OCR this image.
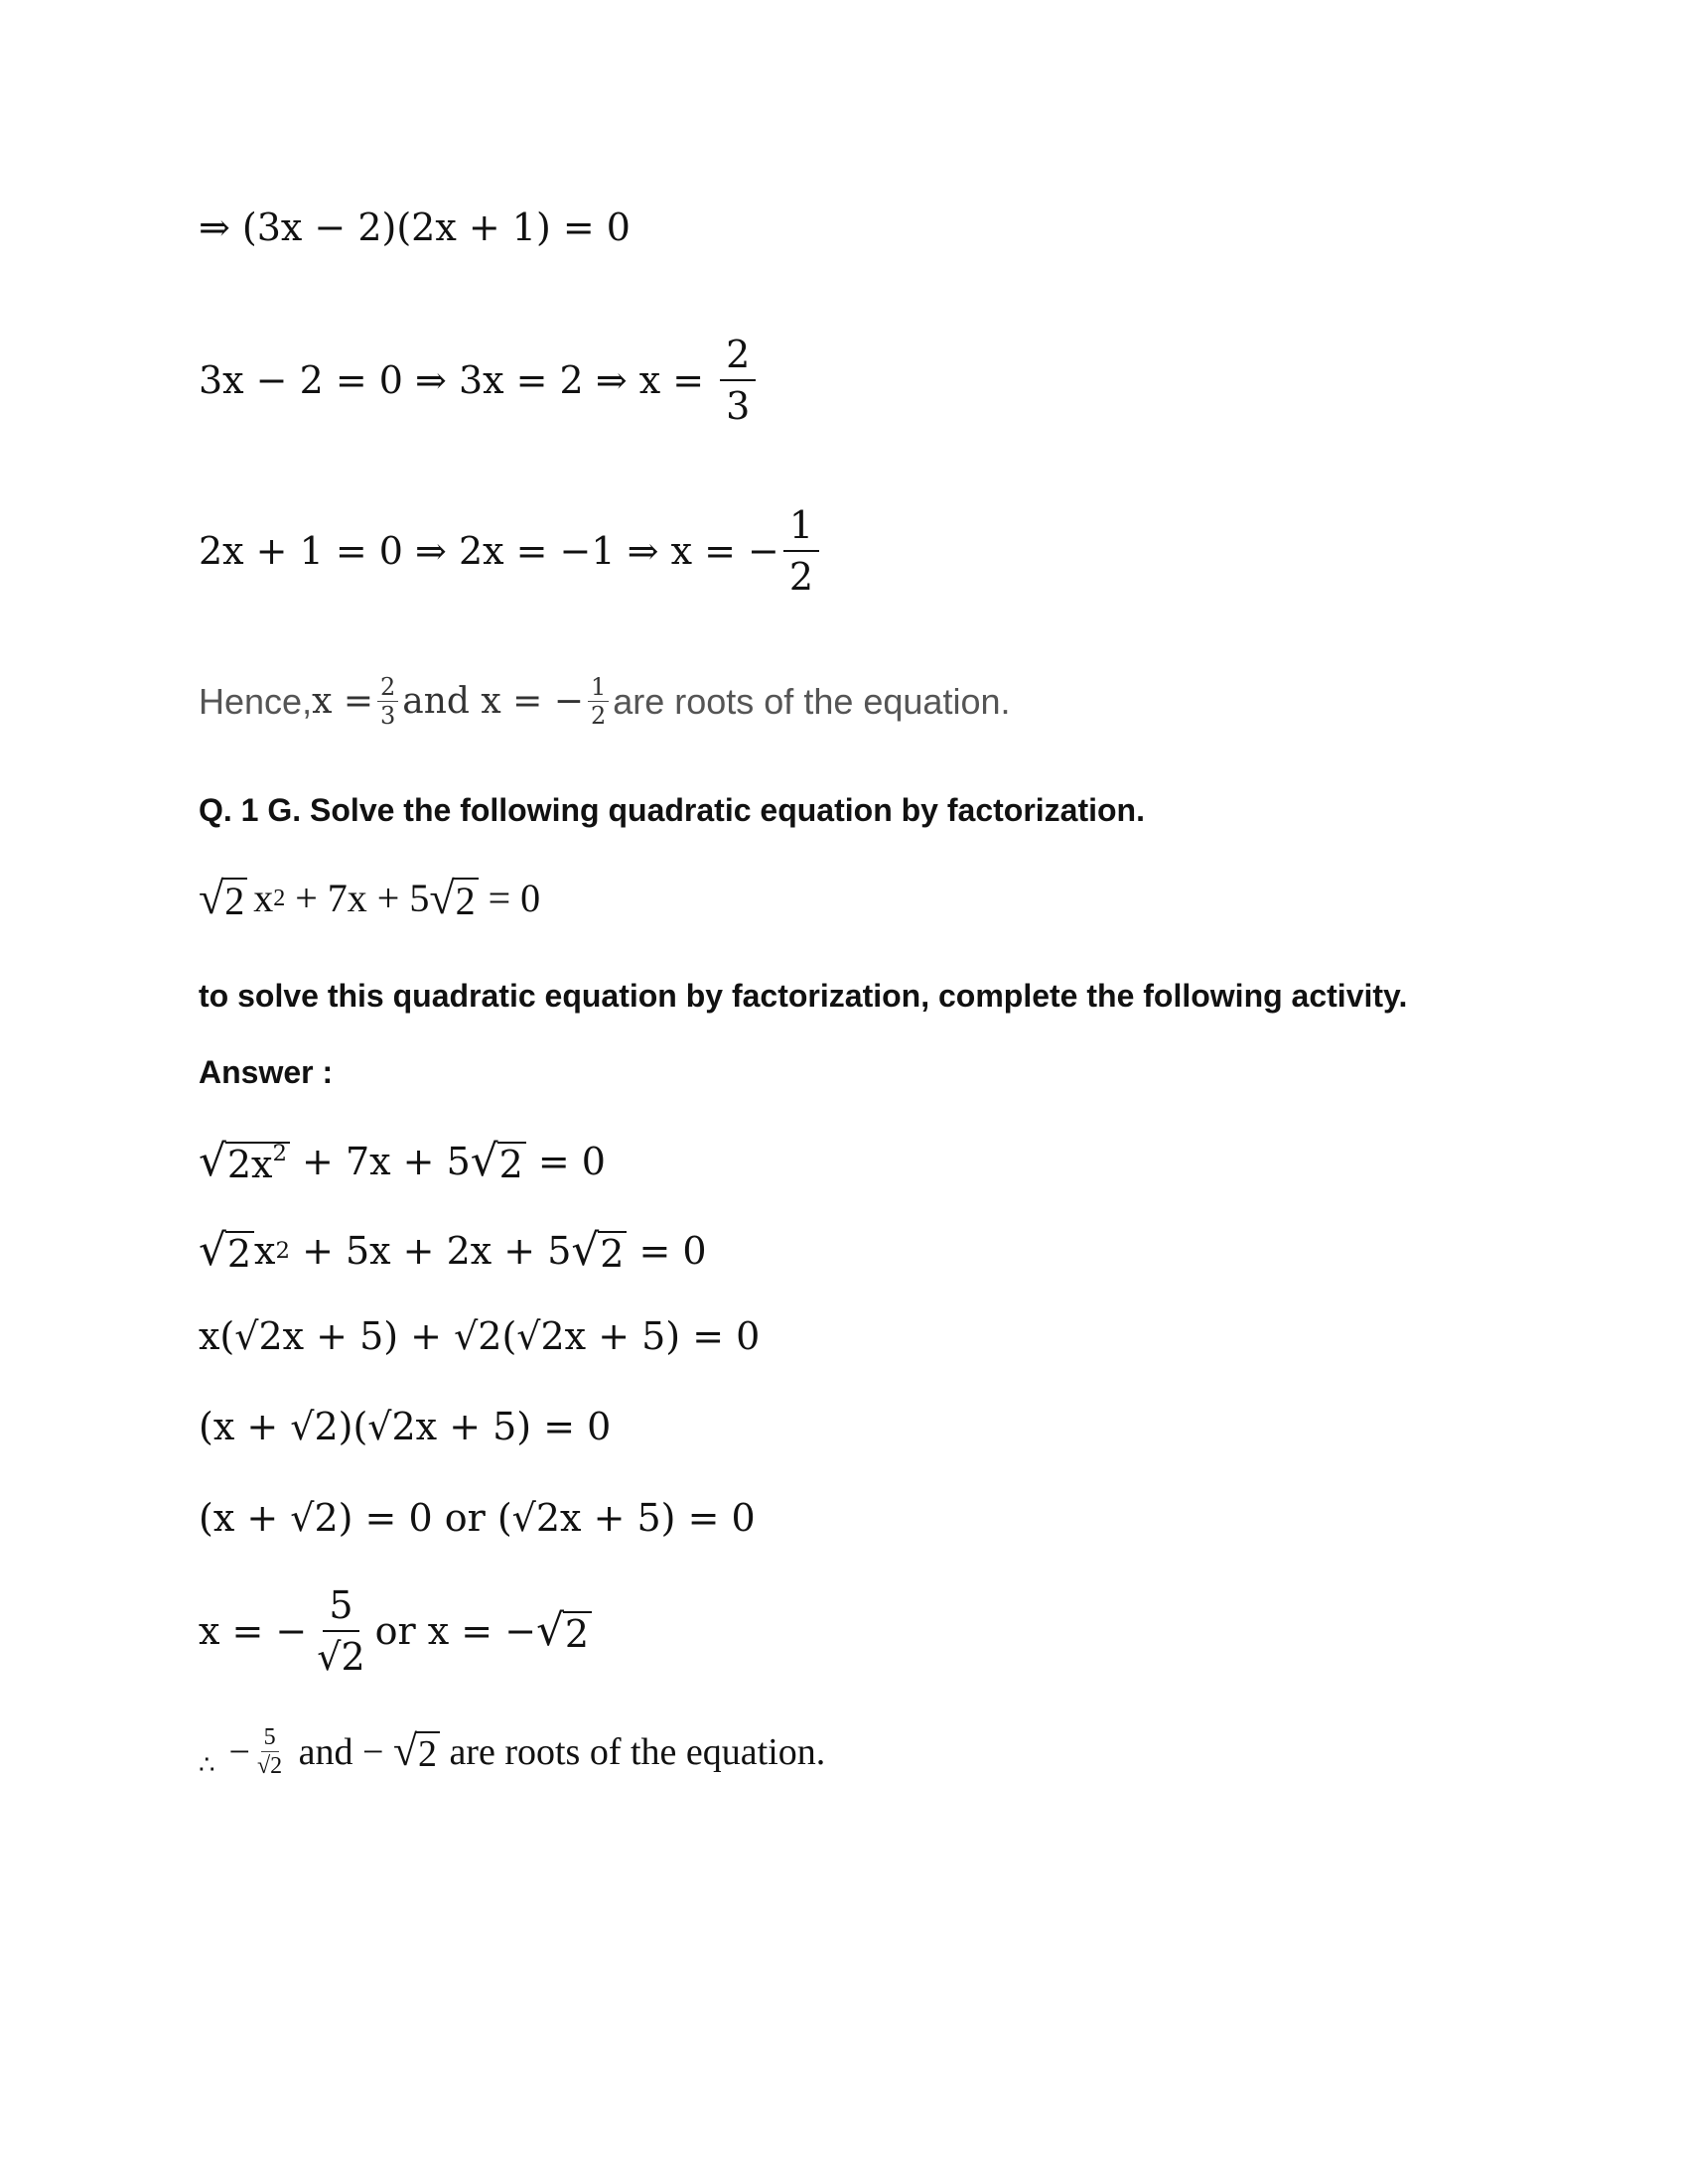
⇒ (3x − 2)(2x + 1) = 0
3x − 2 = 0 ⇒ 3x = 2 ⇒ $x = \frac{2}{3}$
2x + 1 = 0 ⇒ 2x = −1 ⇒ x = − $\frac{1}{2}$
Hence, $x = \frac{2}{3}$ and x = − $\frac{1}{2}$ are roots of the equation.
Q. 1 G. Solve the following quadratic equation by factorization.
√ 2 x 2 + 7x + 5 √ 2 = 0
to solve this quadratic equation by factorization, complete the following activity.
Answer :
√ $2x^2 + 7x + 5$ √ 2 = 0
√ 2 x 2 + 5x + 2x + 5 √ 2 = 0
x(√2x + 5) + √2(√2x + 5) = 0
(x + √2)(√2x + 5) = 0
(x + √2) = 0 or (√2x + 5) = 0
x = − $\frac{5}{√2}$ or x = − √ 2
∴ − $\frac{5}{√2}$ and − √ 2 are roots of the equation.
